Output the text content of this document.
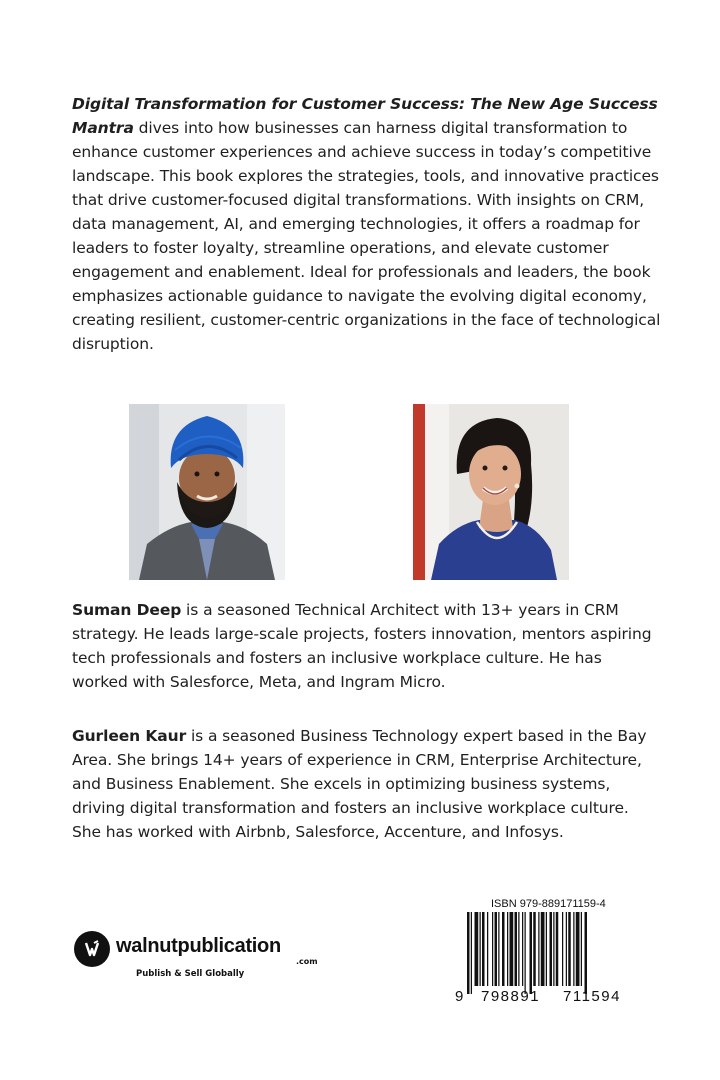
Digital Transformation for Customer Success: The New Age Success Mantra dives into how businesses can harness digital transformation to enhance customer experiences and achieve success in today’s competitive landscape. This book explores the strategies, tools, and innovative practices that drive customer-focused digital transformations. With insights on CRM, data management, AI, and emerging technologies, it offers a roadmap for leaders to foster loyalty, streamline operations, and elevate customer engagement and enablement. Ideal for professionals and leaders, the book emphasizes actionable guidance to navigate the evolving digital economy, creating resilient, customer-centric organizations in the face of technological disruption.

Suman Deep is a seasoned Technical Architect with 13+ years in CRM strategy. He leads large-scale projects, fosters innovation, mentors aspiring tech professionals and fosters an inclusive workplace culture. He has worked with Salesforce, Meta, and Ingram Micro.

Gurleen Kaur is a seasoned Business Technology expert based in the Bay Area. She brings 14+ years of experience in CRM, Enterprise Architecture, and Business Enablement. She excels in optimizing business systems, driving digital transformation and fosters an inclusive workplace culture. She has worked with Airbnb, Salesforce, Accenture, and Infosys.

walnutpublication
.com
Publish & Sell Globally
ISBN 979-889171159-4
9 798891 711594
